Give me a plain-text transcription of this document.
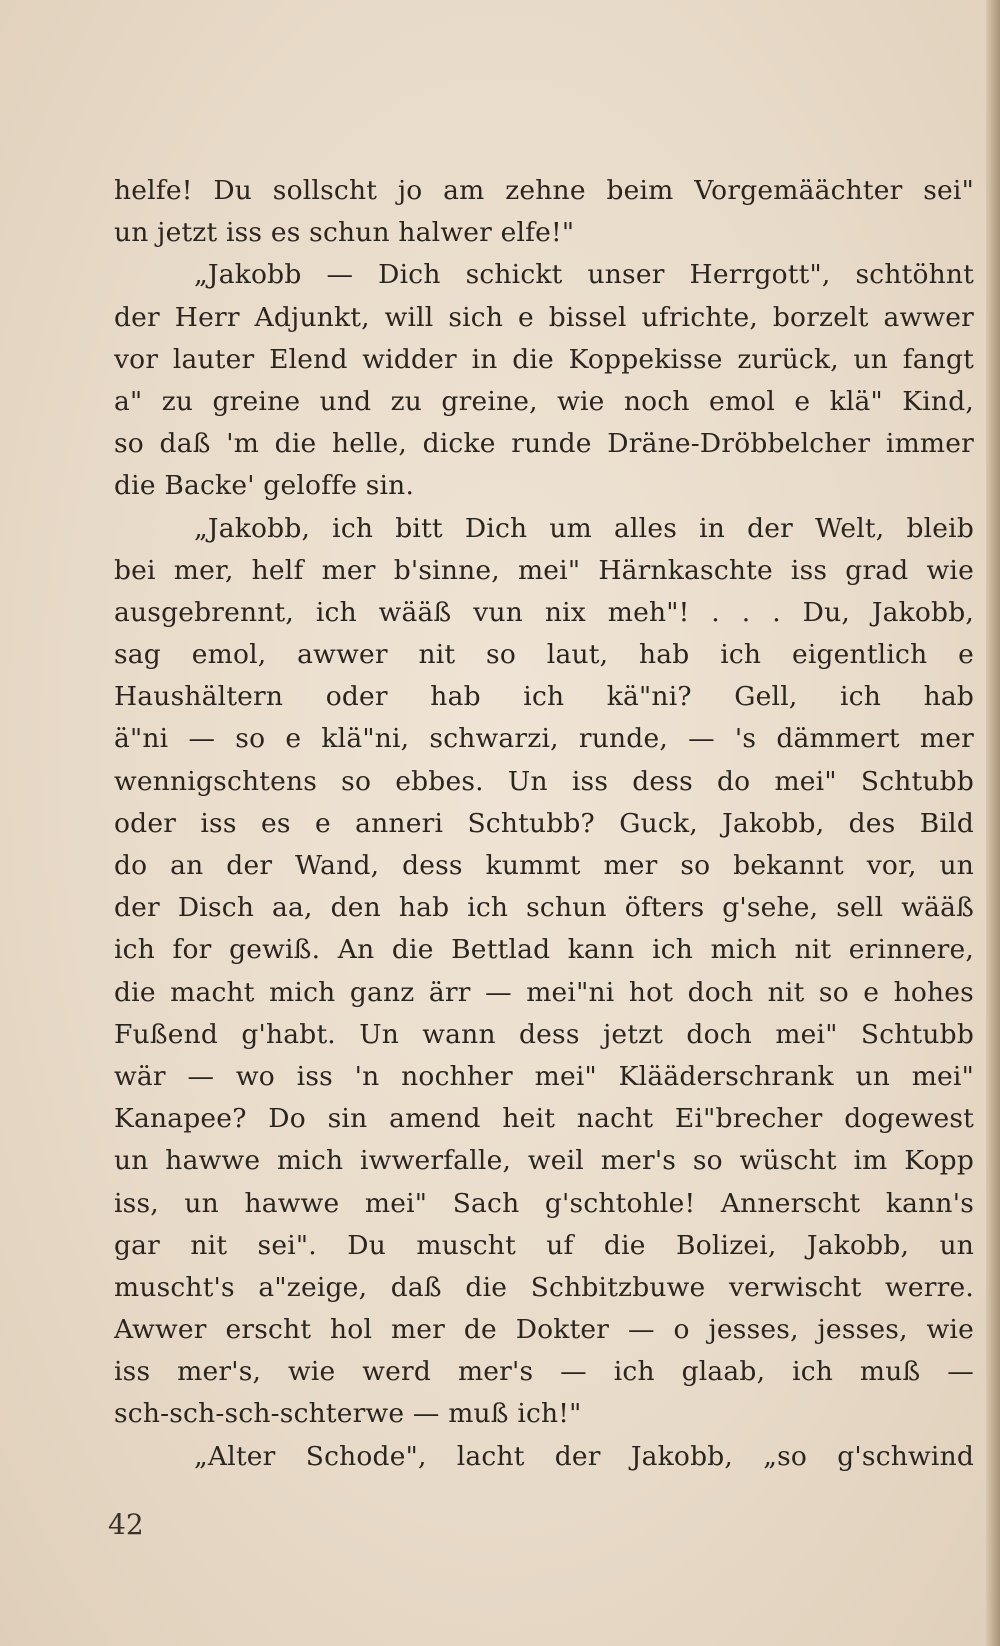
helfe! Du sollscht jo am zehne beim Vorgemäächter sei"
un jetzt iss es schun halwer elfe!"
„Jakobb — Dich schickt unser Herrgott", schtöhnt
der Herr Adjunkt, will sich e bissel ufrichte, borzelt awwer
vor lauter Elend widder in die Koppekisse zurück, un fangt
a" zu greine und zu greine, wie noch emol e klä" Kind,
so daß 'm die helle, dicke runde Dräne-Dröbbelcher immer
die Backe' geloffe sin.
„Jakobb, ich bitt Dich um alles in der Welt, bleib
bei mer, helf mer b'sinne, mei" Härnkaschte iss grad wie
ausgebrennt, ich wääß vun nix meh"! . . . Du, Jakobb,
sag emol, awwer nit so laut, hab ich eigentlich e
Haushältern oder hab ich kä"ni? Gell, ich hab
ä"ni — so e klä"ni, schwarzi, runde, — 's dämmert mer
wennigschtens so ebbes. Un iss dess do mei" Schtubb
oder iss es e anneri Schtubb? Guck, Jakobb, des Bild
do an der Wand, dess kummt mer so bekannt vor, un
der Disch aa, den hab ich schun öfters g'sehe, sell wääß
ich for gewiß. An die Bettlad kann ich mich nit erinnere,
die macht mich ganz ärr — mei"ni hot doch nit so e hohes
Fußend g'habt. Un wann dess jetzt doch mei" Schtubb
wär — wo iss 'n nochher mei" Klääderschrank un mei"
Kanapee? Do sin amend heit nacht Ei"brecher dogewest
un hawwe mich iwwerfalle, weil mer's so wüscht im Kopp
iss, un hawwe mei" Sach g'schtohle! Annerscht kann's
gar nit sei". Du muscht uf die Bolizei, Jakobb, un
muscht's a"zeige, daß die Schbitzbuwe verwischt werre.
Awwer erscht hol mer de Dokter — o jesses, jesses, wie
iss mer's, wie werd mer's — ich glaab, ich muß —
sch-sch-sch-schterwe — muß ich!"
„Alter Schode", lacht der Jakobb, „so g'schwind
42
